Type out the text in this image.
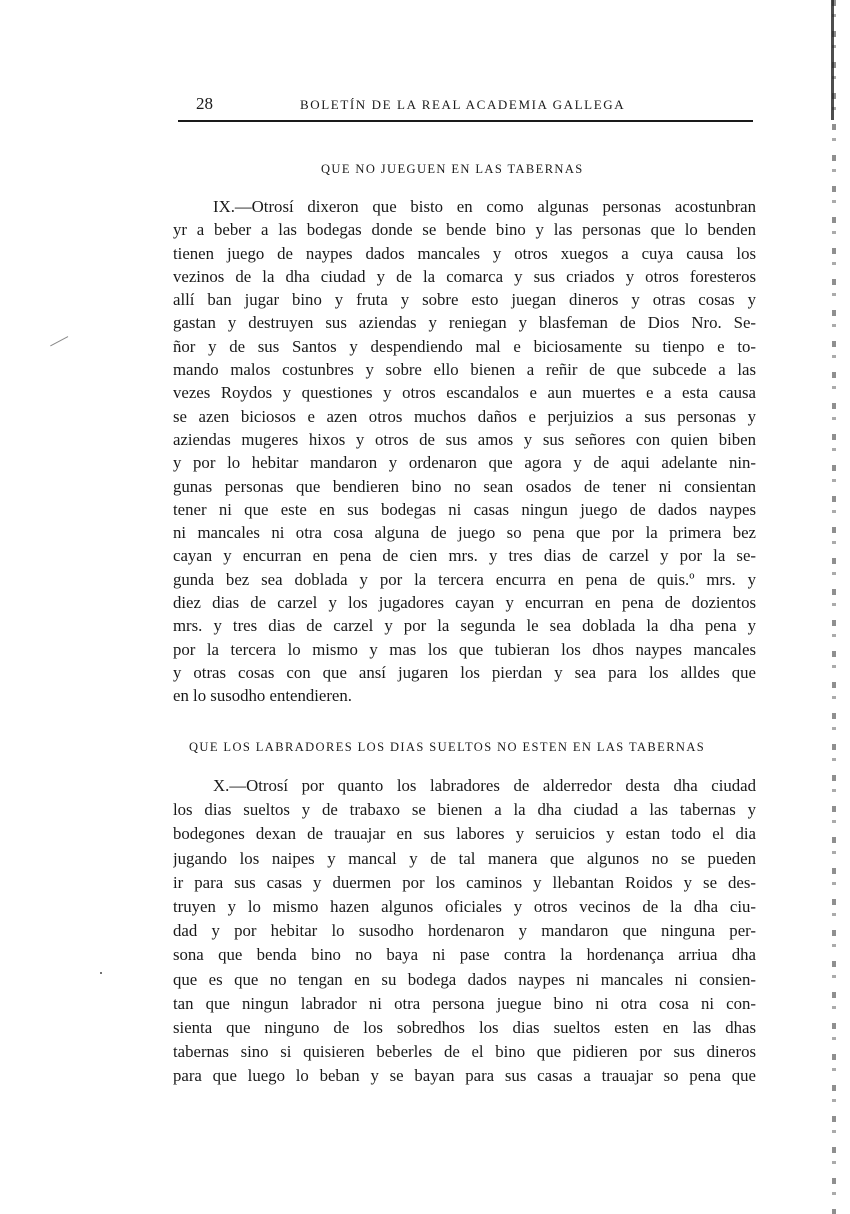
28	BOLETÍN DE LA REAL ACADEMIA GALLEGA
QUE NO JUEGUEN EN LAS TABERNAS
IX.—Otrosí dixeron que bisto en como algunas personas acostunbran
yr a beber a las bodegas donde se bende bino y las personas que lo benden
tienen juego de naypes dados mancales y otros xuegos a cuya causa los
vezinos de la dha ciudad y de la comarca y sus criados y otros foresteros
allí ban jugar bino y fruta y sobre esto juegan dineros y otras cosas y
gastan y destruyen sus aziendas y reniegan y blasfeman de Dios Nro. Se-
ñor y de sus Santos y despendiendo mal e biciosamente su tienpo e to-
mando malos costunbres y sobre ello bienen a reñir de que subcede a las
vezes Roydos y questiones y otros escandalos e aun muertes e a esta causa
se azen biciosos e azen otros muchos daños e perjuizios a sus personas y
aziendas mugeres hixos y otros de sus amos y sus señores con quien biben
y por lo hebitar mandaron y ordenaron que agora y de aqui adelante nin-
gunas personas que bendieren bino no sean osados de tener ni consientan
tener ni que este en sus bodegas ni casas ningun juego de dados naypes
ni mancales ni otra cosa alguna de juego so pena que por la primera bez
cayan y encurran en pena de cien mrs. y tres dias de carzel y por la se-
gunda bez sea doblada y por la tercera encurra en pena de quis.º mrs. y
diez dias de carzel y los jugadores cayan y encurran en pena de dozientos
mrs. y tres dias de carzel y por la segunda le sea doblada la dha pena y
por la tercera lo mismo y mas los que tubieran los dhos naypes mancales
y otras cosas con que ansí jugaren los pierdan y sea para los alldes que
en lo susodho entendieren.
QUE LOS LABRADORES LOS DIAS SUELTOS NO ESTEN EN LAS TABERNAS
X.—Otrosí por quanto los labradores de alderredor desta dha ciudad
los dias sueltos y de trabaxo se bienen a la dha ciudad a las tabernas y
bodegones dexan de trauajar en sus labores y seruicios y estan todo el dia
jugando los naipes y mancal y de tal manera que algunos no se pueden
ir para sus casas y duermen por los caminos y llebantan Roidos y se des-
truyen y lo mismo hazen algunos oficiales y otros vecinos de la dha ciu-
dad y por hebitar lo susodho hordenaron y mandaron que ninguna per-
sona que benda bino no baya ni pase contra la hordenança arriua dha
que es que no tengan en su bodega dados naypes ni mancales ni consien-
tan que ningun labrador ni otra persona juegue bino ni otra cosa ni con-
sienta que ninguno de los sobredhos los dias sueltos esten en las dhas
tabernas sino si quisieren beberles de el bino que pidieren por sus dineros
para que luego lo beban y se bayan para sus casas a trauajar so pena que
